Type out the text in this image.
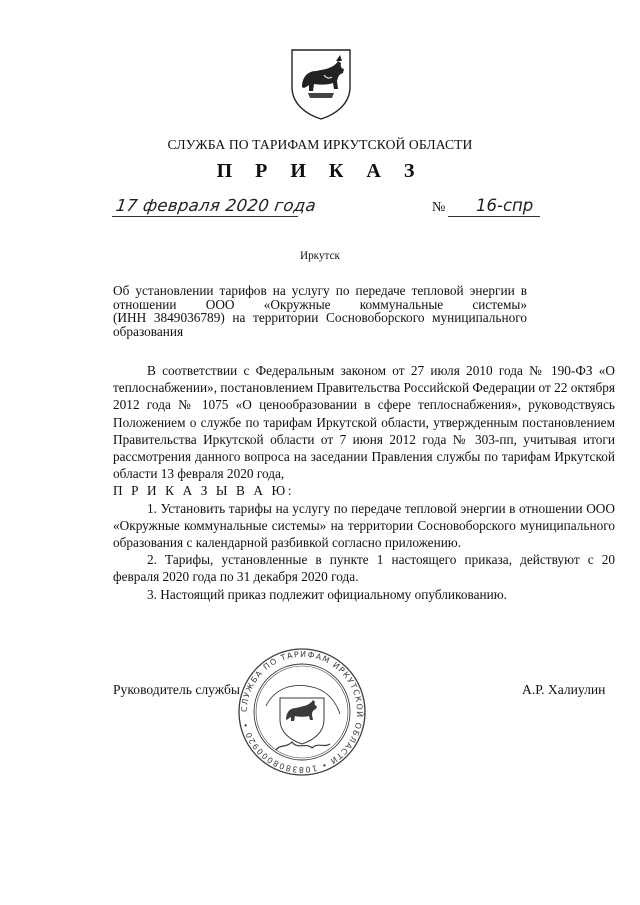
СЛУЖБА ПО ТАРИФАМ ИРКУТСКОЙ ОБЛАСТИ
П Р И К А З
17 февраля 2020 года	№ 16-спр
Иркутск
Об установлении тарифов на услугу по передаче тепловой энергии в
отношении ООО «Окружные коммунальные системы»
(ИНН 3849036789) на территории Сосновоборского муниципального
образования

В соответствии с Федеральным законом от 27 июля 2010 года № 190-ФЗ «О теплоснабжении», постановлением Правительства Российской Федерации от 22 октября 2012 года № 1075 «О ценообразовании в сфере теплоснабжения», руководствуясь Положением о службе по тарифам Иркутской области, утвержденным постановлением Правительства Иркутской области от 7 июня 2012 года № 303-пп, учитывая итоги рассмотрения данного вопроса на заседании Правления службы по тарифам Иркутской области 13 февраля 2020 года,

П Р И К А З Ы В А Ю:

1. Установить тарифы на услугу по передаче тепловой энергии в отношении ООО «Окружные коммунальные системы» на территории Сосновоборского муниципального образования с календарной разбивкой согласно приложению.

2. Тарифы, установленные в пункте 1 настоящего приказа, действуют с 20 февраля 2020 года по 31 декабря 2020 года.

3. Настоящий приказ подлежит официальному опубликованию.

Руководитель службы	А.Р. Халиулин
СЛУЖБА ПО ТАРИФАМ ИРКУТСКОЙ ОБЛАСТИ • 1083808000920 •
